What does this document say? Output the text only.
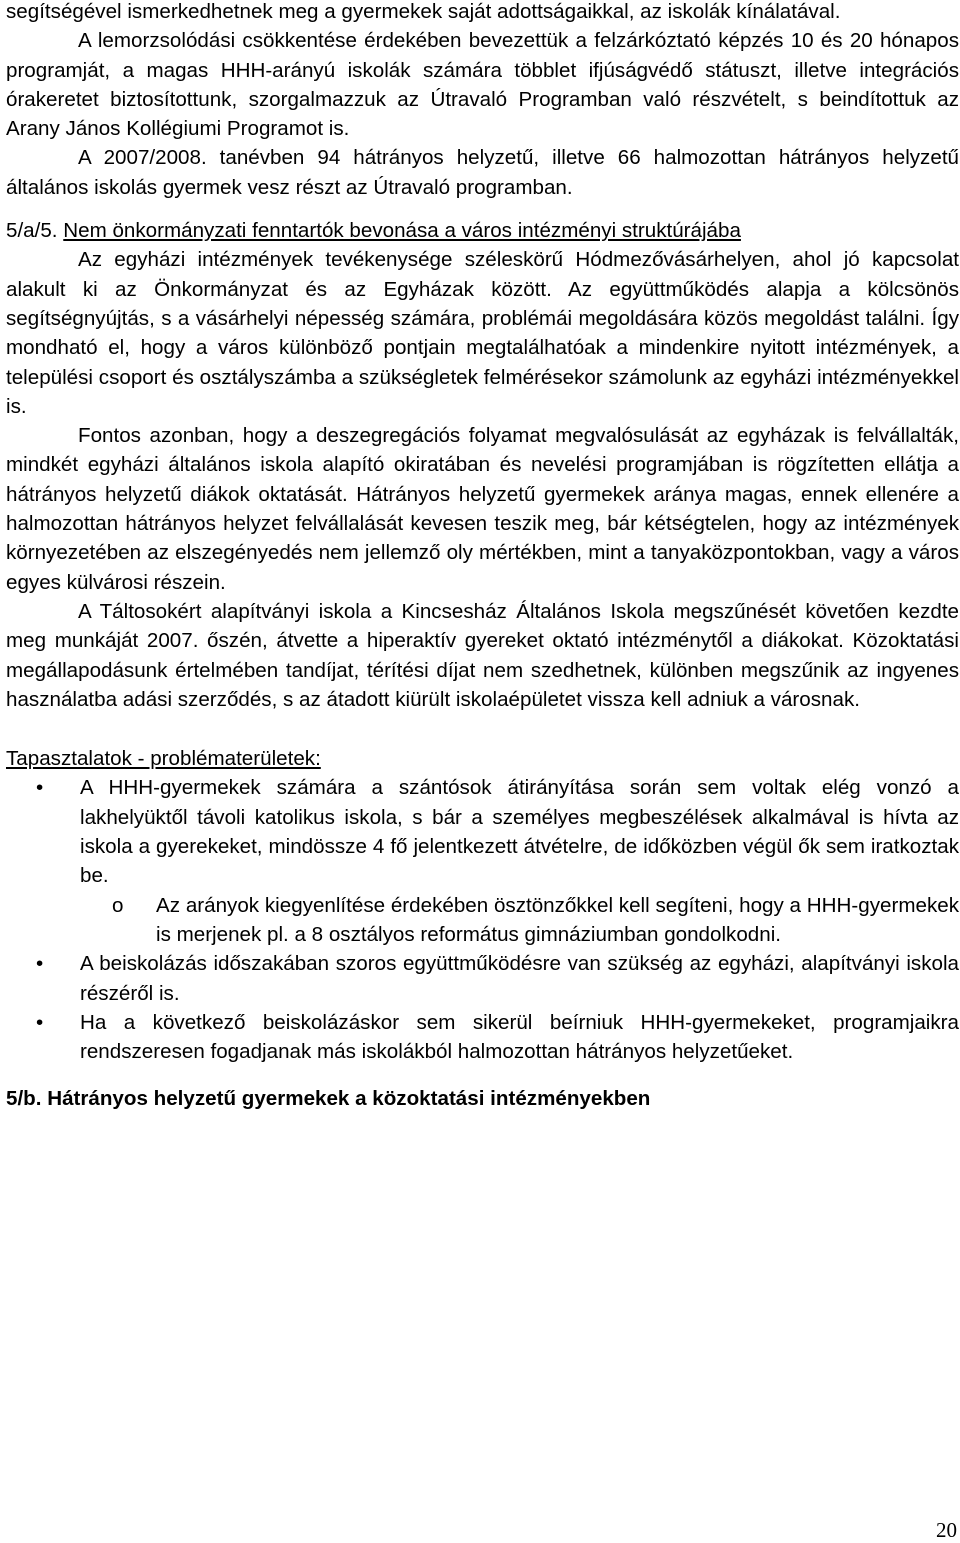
segítségével ismerkedhetnek meg a gyermekek saját adottságaikkal, az iskolák kínálatával.

A lemorzsolódási csökkentése érdekében bevezettük a felzárkóztató képzés 10 és 20 hónapos programját, a magas HHH-arányú iskolák számára többlet ifjúságvédő státuszt, illetve integrációs órakeretet biztosítottunk, szorgalmazzuk az Útravaló Programban való részvételt, s beindítottuk az Arany János Kollégiumi Programot is.

A 2007/2008. tanévben 94 hátrányos helyzetű, illetve 66 halmozottan hátrányos helyzetű általános iskolás gyermek vesz részt az Útravaló programban.

5/a/5. Nem önkormányzati fenntartók bevonása a város intézményi struktúrájába

Az egyházi intézmények tevékenysége széleskörű Hódmezővásárhelyen, ahol jó kapcsolat alakult ki az Önkormányzat és az Egyházak között. Az együttműködés alapja a kölcsönös segítségnyújtás, s a vásárhelyi népesség számára, problémái megoldására közös megoldást találni. Így mondható el, hogy a város különböző pontjain megtalálhatóak a mindenkire nyitott intézmények, a települési csoport és osztályszámba a szükségletek felmérésekor számolunk az egyházi intézményekkel is.

Fontos azonban, hogy a deszegregációs folyamat megvalósulását az egyházak is felvállalták, mindkét egyházi általános iskola alapító okiratában és nevelési programjában is rögzítetten ellátja a hátrányos helyzetű diákok oktatását. Hátrányos helyzetű gyermekek aránya magas, ennek ellenére a halmozottan hátrányos helyzet felvállalását kevesen teszik meg, bár kétségtelen, hogy az intézmények környezetében az elszegényedés nem jellemző oly mértékben, mint a tanyaközpontokban, vagy a város egyes külvárosi részein.

A Táltosokért alapítványi iskola a Kincsesház Általános Iskola megszűnését követően kezdte meg munkáját 2007. őszén, átvette a hiperaktív gyereket oktató intézménytől a diákokat. Közoktatási megállapodásunk értelmében tandíjat, térítési díjat nem szedhetnek, különben megszűnik az ingyenes használatba adási szerződés, s az átadott kiürült iskolaépületet vissza kell adniuk a városnak.

Tapasztalatok - problématerületek:

•	A HHH-gyermekek számára a szántósok átirányítása során sem voltak elég vonzó a lakhelyüktől távoli katolikus iskola, s bár a személyes megbeszélések alkalmával is hívta az iskola a gyerekeket, mindössze 4 fő jelentkezett átvételre, de időközben végül ők sem iratkoztak be.
o Az arányok kiegyenlítése érdekében ösztönzőkkel kell segíteni, hogy a HHH-gyermekek is merjenek pl. a 8 osztályos református gimnáziumban gondolkodni.
•	A beiskolázás időszakában szoros együttműködésre van szükség az egyházi, alapítványi iskola részéről is.
•	Ha a következő beiskolázáskor sem sikerül beírniuk HHH-gyermekeket, programjaikra rendszeresen fogadjanak más iskolákból halmozottan hátrányos helyzetűeket.

5/b. Hátrányos helyzetű gyermekek a közoktatási intézményekben

20
